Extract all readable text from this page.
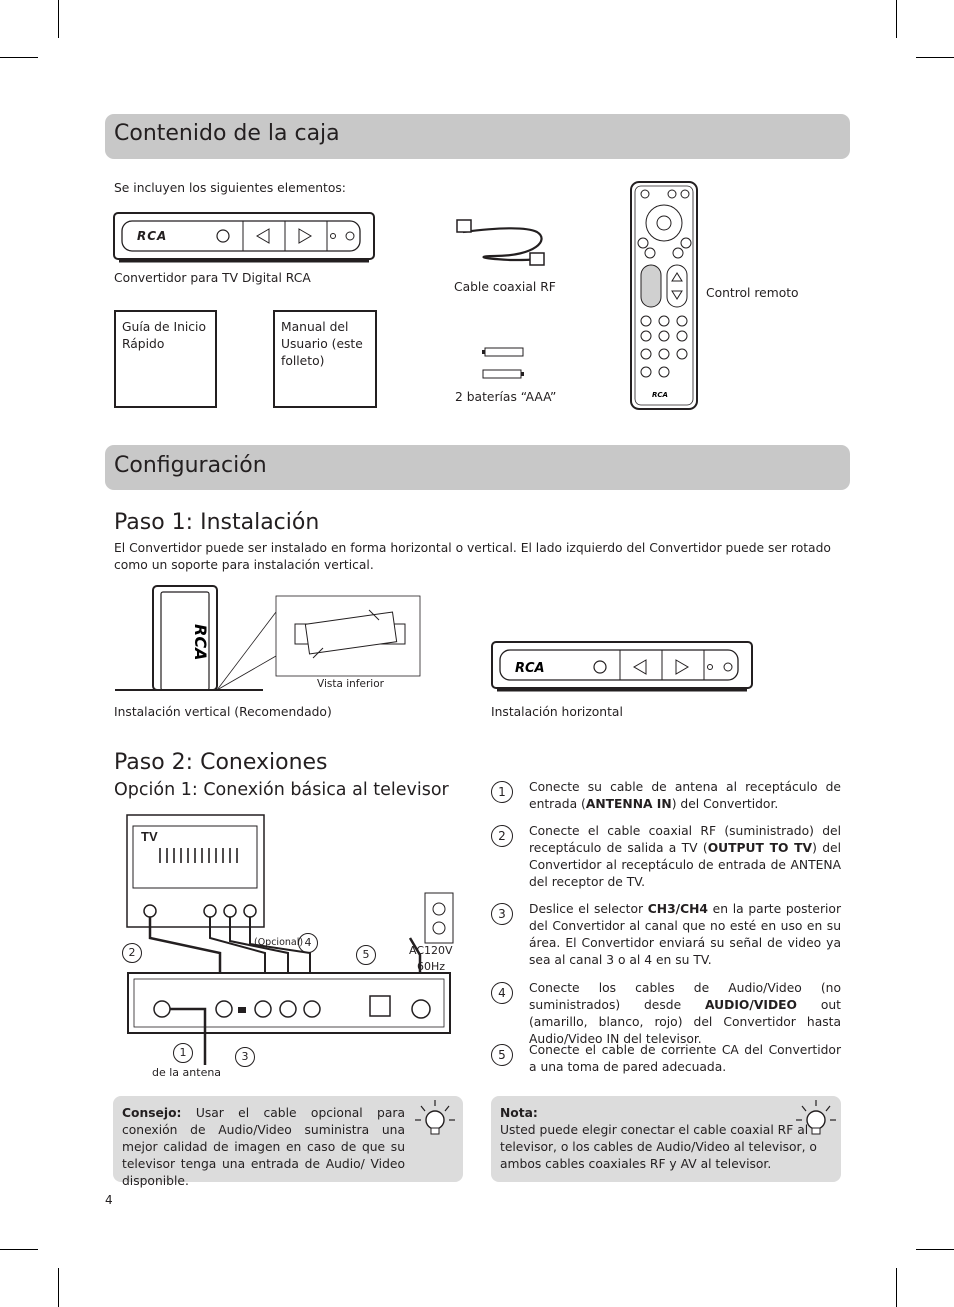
Contenido de la caja
Se incluyen los siguientes elementos:
RCA
Convertidor para TV Digital RCA
Cable coaxial RF
Guía de Inicio Rápido
Manual del Usuario (este folleto)
2 baterías “AAA”	RCA
Control remoto
Configuración
Paso 1: Instalación
El Convertidor puede ser instalado en forma horizontal o vertical. El lado izquierdo del Convertidor puede ser rotado como un soporte para instalación vertical.
RCA
Vista inferior
Instalación vertical (Recomendado)
RCA
Instalación horizontal
Paso 2: Conexiones
Opción 1: Conexión básica al televisor
TV
(Opcional) 4
2	5	AC120V
60Hz
1	3
de la antena
1	Conecte su cable de antena al receptáculo de entrada (ANTENNA IN) del Convertidor.
2	Conecte el cable coaxial RF (suministrado) del receptáculo de salida a TV (OUTPUT TO TV) del Convertidor al receptáculo de entrada de ANTENA del receptor de TV.
3	Deslice el selector CH3/CH4 en la parte posterior del Convertidor al canal que no esté en uso en su área. El Convertidor enviará su señal de video ya sea al canal 3 o al 4 en su TV.
4	Conecte los cables de Audio/Video (no suministrados) desde AUDIO/VIDEO out (amarillo, blanco, rojo) del Convertidor hasta Audio/Video IN del televisor.
5	Conecte el cable de corriente CA del Convertidor a una toma de pared adecuada.
Consejo: Usar el cable opcional para conexión de Audio/Video suministra una mejor calidad de imagen en caso de que su televisor tenga una entrada de Audio/ Video disponible.
Nota:
Usted puede elegir conectar el cable coaxial RF al televisor, o los cables de Audio/Video al televisor, o ambos cables coaxiales RF y AV al televisor.
4
